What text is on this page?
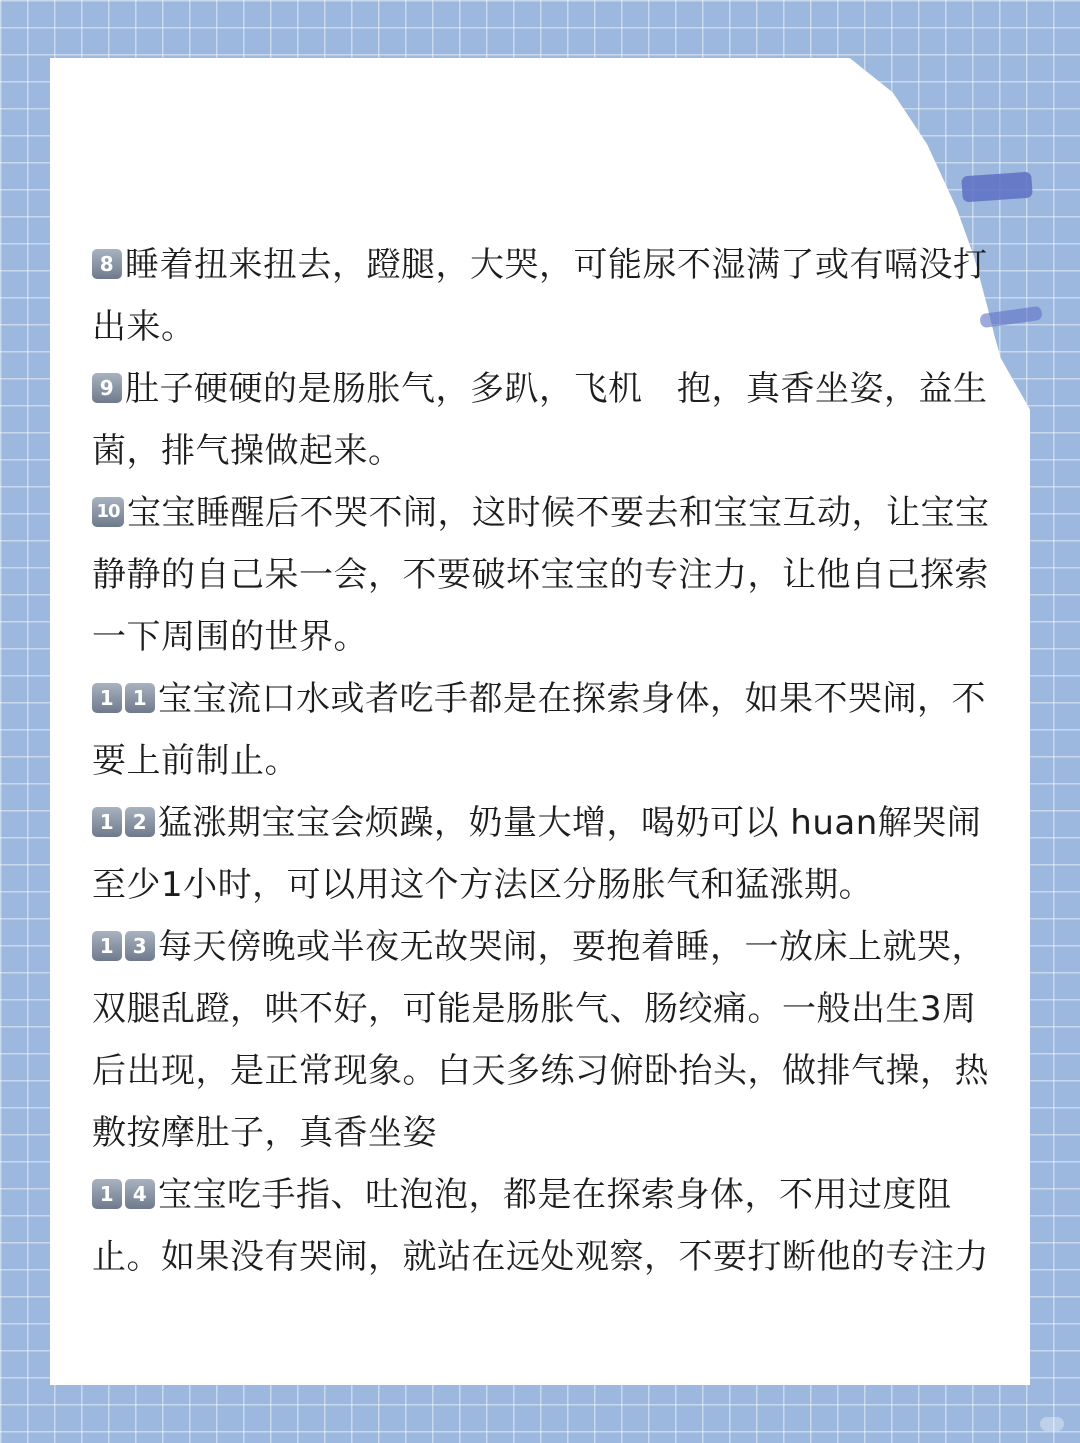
8 睡着扭来扭去，蹬腿，大哭，可能尿不湿满了或有嗝没打出来。

9 肚子硬硬的是肠胀气，多趴，飞机　抱，真香坐姿，益生菌，排气操做起来。

10 宝宝睡醒后不哭不闹，这时候不要去和宝宝互动，让宝宝静静的自己呆一会，不要破坏宝宝的专注力，让他自己探索一下周围的世界。

1 1 宝宝流口水或者吃手都是在探索身体，如果不哭闹，不要上前制止。

1 2 猛涨期宝宝会烦躁，奶量大增，喝奶可以 huan解哭闹至少1小时，可以用这个方法区分肠胀气和猛涨期。

1 3 每天傍晚或半夜无故哭闹，要抱着睡，一放床上就哭，双腿乱蹬，哄不好，可能是肠胀气、肠绞痛。一般出生3周后出现，是正常现象。白天多练习俯卧抬头，做排气操，热敷按摩肚子，真香坐姿

1 4 宝宝吃手指、吐泡泡，都是在探索身体，不用过度阻止。如果没有哭闹，就站在远处观察，不要打断他的专注力
